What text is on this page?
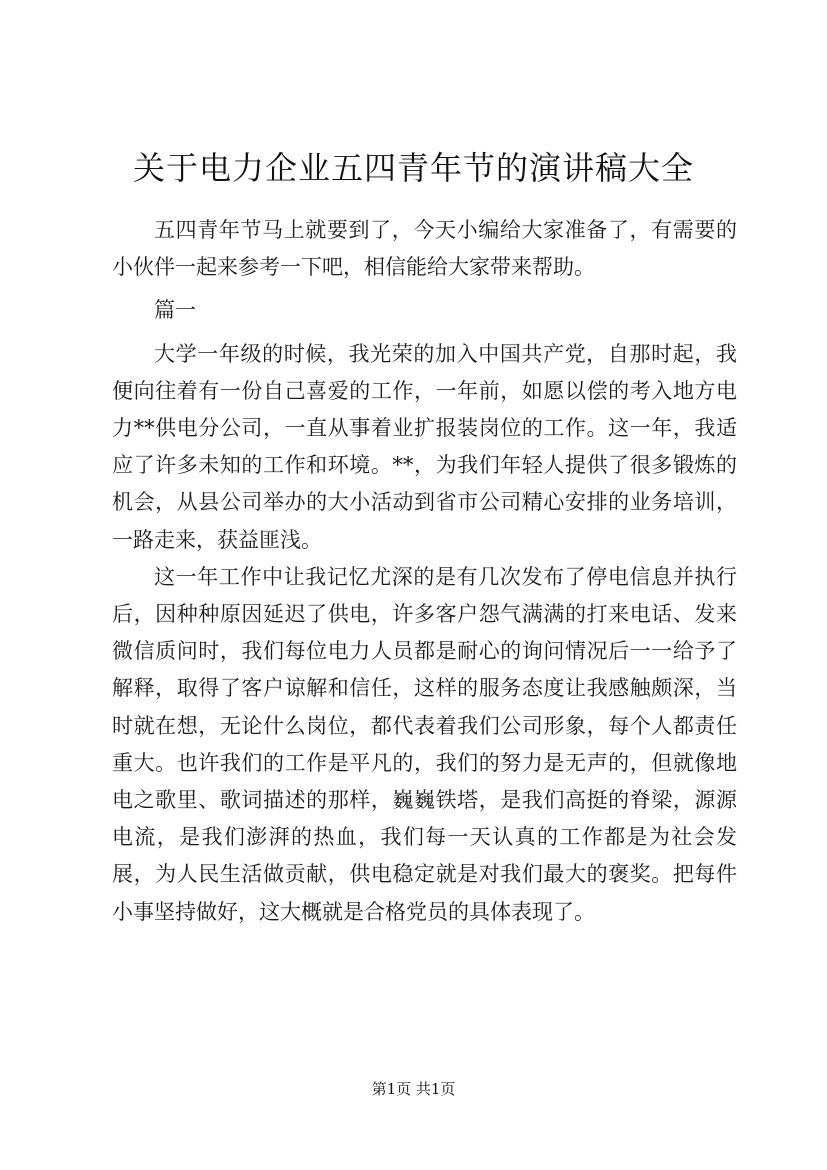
关于电力企业五四青年节的演讲稿大全

五四青年节马上就要到了，今天小编给大家准备了，有需要的小伙伴一起来参考一下吧，相信能给大家带来帮助。

篇一

大学一年级的时候，我光荣的加入中国共产党，自那时起，我便向往着有一份自己喜爱的工作，一年前，如愿以偿的考入地方电力**供电分公司，一直从事着业扩报装岗位的工作。这一年，我适应了许多未知的工作和环境。**，为我们年轻人提供了很多锻炼的机会，从县公司举办的大小活动到省市公司精心安排的业务培训，一路走来，获益匪浅。

这一年工作中让我记忆尤深的是有几次发布了停电信息并执行后，因种种原因延迟了供电，许多客户怨气满满的打来电话、发来微信质问时，我们每位电力人员都是耐心的询问情况后一一给予了解释，取得了客户谅解和信任，这样的服务态度让我感触颇深，当时就在想，无论什么岗位，都代表着我们公司形象，每个人都责任重大。也许我们的工作是平凡的，我们的努力是无声的，但就像地电之歌里、歌词描述的那样，巍巍铁塔，是我们高挺的脊梁，源源电流，是我们澎湃的热血，我们每一天认真的工作都是为社会发展，为人民生活做贡献，供电稳定就是对我们最大的褒奖。把每件小事坚持做好，这大概就是合格党员的具体表现了。

第1页 共1页
